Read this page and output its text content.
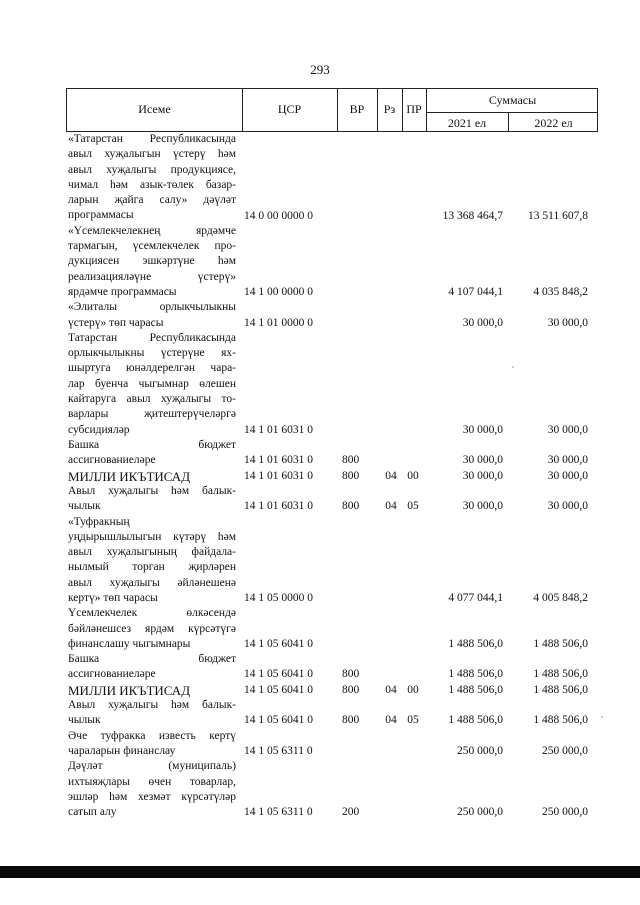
293
Исеме	ЦСР	ВР	Рз ПР
Суммасы
2021 ел	2022 ел
«Татарстан Республикасында
авыл хуҗалыгын үстерү һәм
авыл хуҗалыгы продукциясе,
чимал һәм азык-төлек базар-
ларын җайга салу» дәүләт
программасы	14 0 00 0000 0	13 368 464,7	13 511 607,8
«Үсемлекчелекнең ярдәмче
тармагын, үсемлекчелек про-
дукциясен эшкәртүне һәм
реализацияләүне үстерү»
ярдәмче программасы	14 1 00 0000 0	4 107 044,1	4 035 848,2
«Элиталы орлыкчылыкны
үстерү» төп чарасы	14 1 01 0000 0	30 000,0	30 000,0
Татарстан Республикасында
орлыкчылыкны үстерүне ях-
шыртуга юнәлдерелгән чара-
лар буенча чыгымнар өлешен
кайтаруга авыл хуҗалыгы то-
варлары җитештерүчеләргә
субсидияләр	14 1 01 6031 0	30 000,0	30 000,0
Башка бюджет
ассигнованиеләре	14 1 01 6031 0	800	30 000,0	30 000,0
МИЛЛИ ИКЪТИСАД	14 1 01 6031 0	800	04 00	30 000,0	30 000,0
Авыл хуҗалыгы һәм балык-
чылык	14 1 01 6031 0	800	04 05	30 000,0	30 000,0
«Туфракның
уңдырышлылыгын күтәрү һәм
авыл хуҗалыгының файдала-
нылмый торган җирләрен
авыл хуҗалыгы әйләнешенә
кертү» төп чарасы	14 1 05 0000 0	4 077 044,1	4 005 848,2
Үсемлекчелек өлкәсендә
бәйләнешсез ярдәм күрсәтүгә
финанслашу чыгымнары	14 1 05 6041 0	1 488 506,0	1 488 506,0
Башка бюджет
ассигнованиеләре	14 1 05 6041 0	800	1 488 506,0	1 488 506,0
МИЛЛИ ИКЪТИСАД	14 1 05 6041 0	800	04 00	1 488 506,0	1 488 506,0
Авыл хуҗалыгы һәм балык-
чылык	14 1 05 6041 0	800	04 05	1 488 506,0	1 488 506,0
Әче туфракка известь кертү
чараларын финанслау	14 1 05 6311 0	250 000,0	250 000,0
Дәүләт (муниципаль)
ихтыяҗлары өчен товарлар,
эшләр һәм хезмәт күрсәтүләр
сатып алу	14 1 05 6311 0	200	250 000,0	250 000,0
